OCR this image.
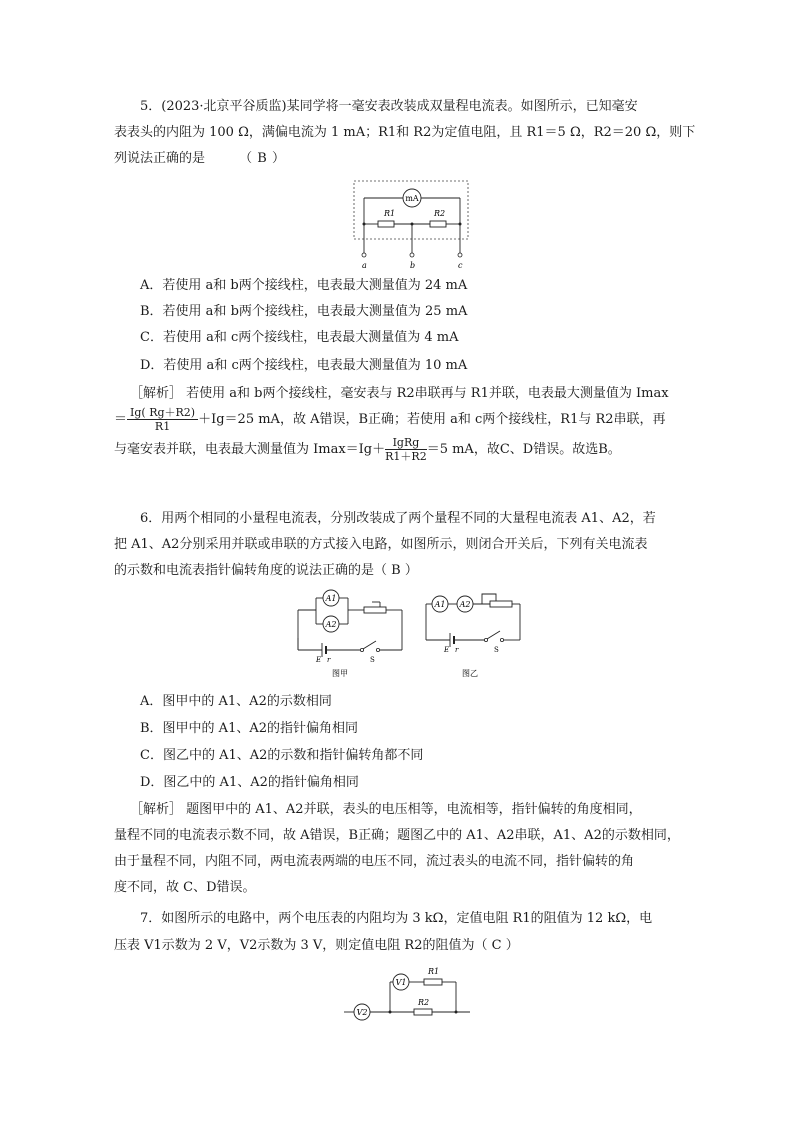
5．(2023·北京平谷质监)某同学将一毫安表改装成双量程电流表。如图所示，已知毫安
表表头的内阻为 100 Ω，满偏电流为 1 mA；R1和 R2为定值电阻，且 R1＝5 Ω，R2＝20 Ω，则下
列说法正确的是	（ B ）
mA
R1	R2
a	b	c
A．若使用 a和 b两个接线柱，电表最大测量值为 24 mA
B．若使用 a和 b两个接线柱，电表最大测量值为 25 mA
C．若使用 a和 c两个接线柱，电表最大测量值为 4 mA
D．若使用 a和 c两个接线柱，电表最大测量值为 10 mA
［解析］ 若使用 a和 b两个接线柱，毫安表与 R2串联再与 R1并联，电表最大测量值为 Imax
＝ $\frac{Ig( Rg+R2)}{R1} +Ig=25$ mA，故 A错误，B正确；若使用 a和 c两个接线柱，R1与 R2串联，再
与毫安表并联，电表最大测量值为 $Imax=Ig+ \frac{\text{IgRg}}{R1+R2} =5$ mA，故C、D错误。故选B。
6．用两个相同的小量程电流表，分别改装成了两个量程不同的大量程电流表 A1、A2，若
把 A1、A2分别采用并联或串联的方式接入电路，如图所示，则闭合开关后，下列有关电流表
的示数和电流表指针偏转角度的说法正确的是（ B ）
A1
A2
E r	S
图甲
A1 A2
E r	S
图乙
A．图甲中的 A1、A2的示数相同
B．图甲中的 A1、A2的指针偏角相同
C．图乙中的 A1、A2的示数和指针偏转角都不同
D．图乙中的 A1、A2的指针偏角相同
［解析］ 题图甲中的 A1、A2并联，表头的电压相等，电流相等，指针偏转的角度相同，
量程不同的电流表示数不同，故 A错误，B正确；题图乙中的 A1、A2串联，A1、A2的示数相同，
由于量程不同，内阻不同，两电流表两端的电压不同，流过表头的电流不同，指针偏转的角
度不同，故 C、D错误。
7．如图所示的电路中，两个电压表的内阻均为 3 kΩ，定值电阻 R1的阻值为 12 kΩ，电
压表 V1示数为 2 V，V2示数为 3 V，则定值电阻 R2的阻值为（ C ）
V2
V1
R1
R2
